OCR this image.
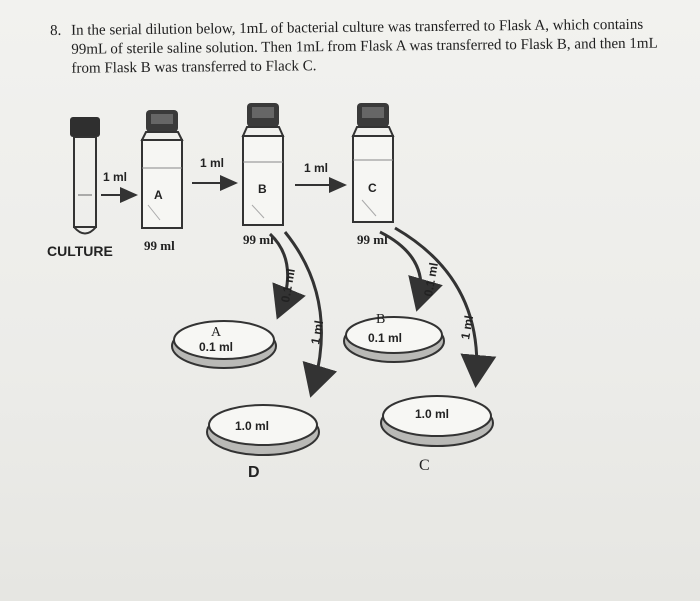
8. In the serial dilution below, 1mL of bacterial culture was transferred to Flask A, which contains 99mL of sterile saline solution. Then 1mL from Flask A was transferred to Flask B, and then 1mL from Flask B was transferred to Flack C.
CULTURE
1 ml
A
99 ml
1 ml
B
99 ml
1 ml
C
99 ml
0.1 ml
1 ml
0.1 ml
1 ml
A
0.1 ml
B
0.1 ml
1.0 ml
D
1.0 ml
C
